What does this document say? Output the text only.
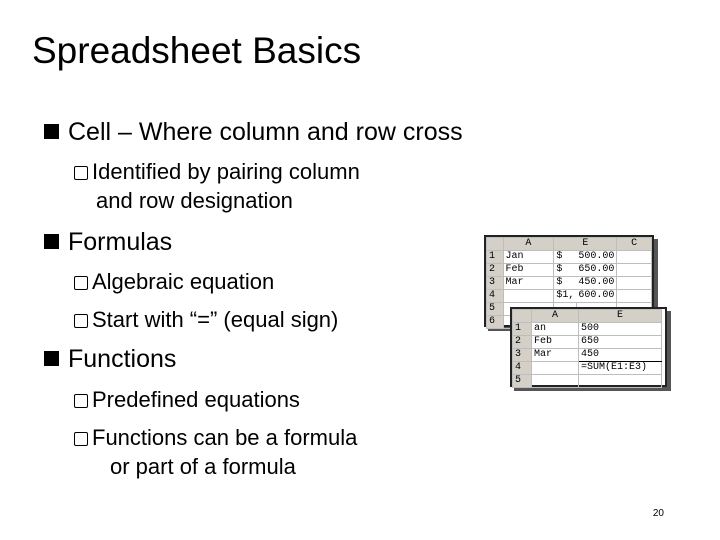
Spreadsheet Basics
Cell – Where column and row cross
Identified by pairing column
and row designation
Formulas
Algebraic equation
Start with “=” (equal sign)
Functions
Predefined equations
Functions can be a formula
or part of a formula
	A	E		C
1	Jan	$	500.00	
2	Feb	$	650.00	
3	Mar	$	450.00	
4		$1,	600.00	
5				
6				
	A	E
1	an	500
2	Feb	650
3	Mar	450
4		=SUM(E1:E3)
5		
20
